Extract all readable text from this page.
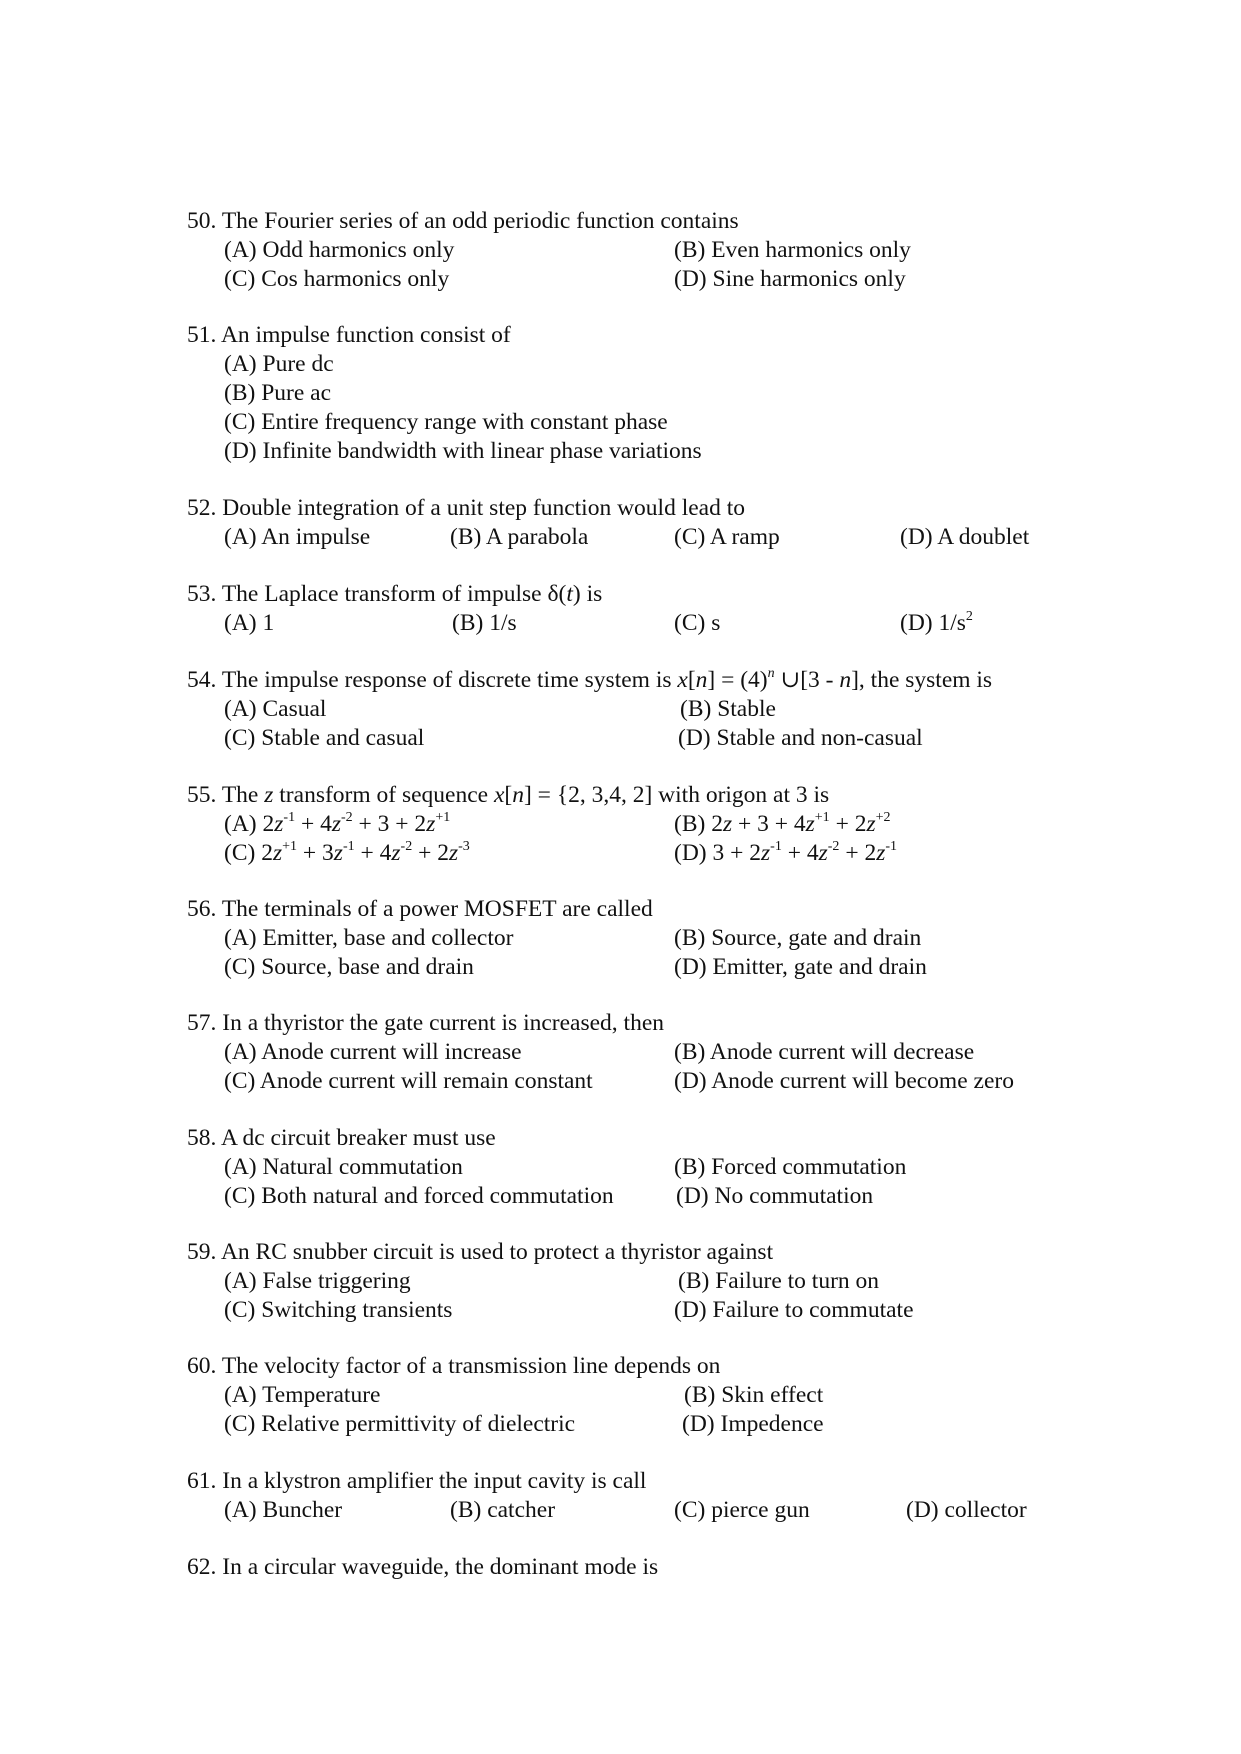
50. The Fourier series of an odd periodic function contains
(A) Odd harmonics only	(B) Even harmonics only
(C) Cos harmonics only	(D) Sine harmonics only
51. An impulse function consist of
(A) Pure dc
(B) Pure ac
(C) Entire frequency range with constant phase
(D) Infinite bandwidth with linear phase variations
52. Double integration of a unit step function would lead to
(A) An impulse	(B) A parabola	(C) A ramp	(D) A doublet
53. The Laplace transform of impulse δ(t) is
(A) 1	(B) 1/s	(C) s	(D) $1/s^2$
54. The impulse response of discrete time system is $x[n] = (4)^n$ ∪[3 - n], the system is
(A) Casual	(B) Stable
(C) Stable and casual	(D) Stable and non-casual
55. The z transform of sequence x[n] = {2, 3,4, 2] with origon at 3 is
(A) $2z^{-1} + 4z^{-2} + 3 + 2z^{+1}$	(B) $2z + 3 + 4z^{+1} + 2z^{+2}$
(C) $2z^{+1} + 3z^{-1} + 4z^{-2} + 2z^{-3}$	(D) $3 + 2z^{-1} + 4z^{-2} + 2z^{-1}$
56. The terminals of a power MOSFET are called
(A) Emitter, base and collector	(B) Source, gate and drain
(C) Source, base and drain	(D) Emitter, gate and drain
57. In a thyristor the gate current is increased, then
(A) Anode current will increase	(B) Anode current will decrease
(C) Anode current will remain constant	(D) Anode current will become zero
58. A dc circuit breaker must use
(A) Natural commutation	(B) Forced commutation
(C) Both natural and forced commutation	(D) No commutation
59. An RC snubber circuit is used to protect a thyristor against
(A) False triggering	(B) Failure to turn on
(C) Switching transients	(D) Failure to commutate
60. The velocity factor of a transmission line depends on
(A) Temperature	(B) Skin effect
(C) Relative permittivity of dielectric	(D) Impedence
61. In a klystron amplifier the input cavity is call
(A) Buncher	(B) catcher	(C) pierce gun	(D) collector
62. In a circular waveguide, the dominant mode is
